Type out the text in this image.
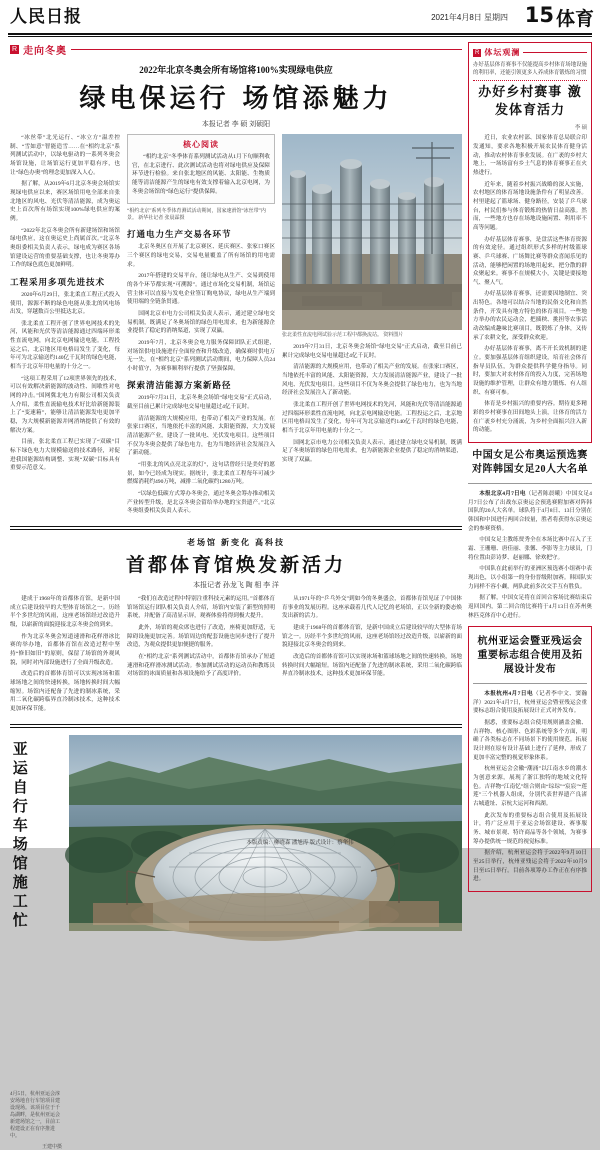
人民日报	2021年4月8日 星期四 15 体育
R 走向冬奥
2022年北京冬奥会所有场馆将100%实现绿电供应
绿电保运行 场馆添魅力
本报记者 李 硕 刘硕阳

“冰丝带”北光运行、“冰立方”温差控制、“雪如意”智能造雪……在“相约北京”系列测试活动中，以绿电驱动的一系列冬奥会场馆设施，让场馆运行更加平稳有序，也让“绿色办奥”的理念更加深入人心。

据了解，从2019年6月北京冬奥会场馆实现绿电供应以来，赛区场馆用电全部来自张北地区的风电、光伏等清洁能源，成为奥运史上首次所有场馆实现100%绿电供应的案例。

“2022年北京冬奥会所有新建场馆和场馆绿电供应，这在奥运史上尚属首次。”北京冬奥组委相关负责人表示，绿电成为赛区各场馆建设运营的重要基础支撑，也让冬奥筹办工作的绿色底色更加鲜明。

工程采用多项先进技术

2020年6月29日，张北柔直工程正式投入使用，源源不断的绿色电能从张北的风电场出发，穿越数百公里抵达北京。

张北柔直工程开创了世界电网技术的先河，风能和光伏等清洁能源通过四端环形柔性直流电网，向北京电网输送电能。工程投运之后，北京地区用电格局发生了变化，每年可为北京输送约140亿千瓦时的绿色电能，相当于北京年用电量的十分之一。

“这项工程采用了12项世界领先的技术，可以有效解决新能源的波动性、间歇性对电网的冲击。”国网冀北电力有限公司相关负责人介绍，柔性直流输电技术好比给新能源装上了“变速箱”，能够让清洁能源发电更加平稳，为大规模新能源并网消纳提供了有效的解决方案。

目前，张北柔直工程已实现了“双碳”目标下绿色电力大规模输送的技术路径，对促进我国能源结构调整、实现“双碳”目标具有重要示范意义。

核心阅读

“相约北京”冬季体育系列测试活动从1月下旬顺利收官，在北京进行、此次测试活动也将对绿电供应及保障环节进行检验。来自张北地区的风能、太阳能、生物质能等清洁能源产生的绿电有效支撑着输入北京电网，为冬奥会场馆的“绿色运行”提供保障。

“相约北京”系列冬季体育测试活动期间，国家速滑馆“冰丝带”内景。 新华社记者 张晨霖摄
打通电力生产交易各环节

北京冬奥区在开展了北京赛区、延庆赛区、张家口赛区三个赛区的绿电交易，交易电量覆盖了所有场馆的用电需求。

2017年搭建的交易平台，能让绿电从生产、交易到使用的各个环节都实现“可溯源”。通过市场化交易机制，场馆运营主体可以直接与发电企业签订购电协议，绿电从生产端到使用端的全链条贯通。

国网北京市电力公司相关负责人表示，通过建立绿电交易机制，既满足了冬奥场馆的绿色用电需求，也为新能源企业提供了稳定的消纳渠道，实现了双赢。

2019年7月，北京冬奥会电力服务保障团队正式组建，对场馆供电设施进行全面检查和升级改造，确保赛时供电万无一失。在“相约北京”系列测试活动期间，电力保障人员24小时值守，为赛事顺利举行提供了坚强保障。

探索清洁能源方案新路径

2019年7月31日，北京冬奥会场馆“绿电交易”正式启动，截至目前已累计完成绿电交易电量超过4亿千瓦时。

清洁能源的大规模应用，也带动了相关产业的发展。在张家口赛区，当地依托丰富的风能、太阳能资源，大力发展清洁能源产业，建设了一批风电、光伏发电项目。这些项目不仅为冬奥会提供了绿色电力，也为当地经济社会发展注入了新动能。

“用张北的风点亮北京的灯”，这句话曾经只是美好的愿景，如今已经成为现实。据统计，张北柔直工程每年可减少燃煤消耗约490万吨，减排二氧化碳约1280万吨。

“以绿色低碳方式筹办冬奥会，通过冬奥会筹办推动相关产业转型升级，是北京冬奥会留给举办地的宝贵遗产。”北京冬奥组委相关负责人表示。

张北柔性直流电网试验示范工程中都换流站。 资料图片

2019年7月31日，北京冬奥会场馆“绿电交易”正式启动，截至目前已累计完成绿电交易电量超过4亿千瓦时。

清洁能源的大规模应用，也带动了相关产业的发展。在张家口赛区，当地依托丰富的风能、太阳能资源，大力发展清洁能源产业，建设了一批风电、光伏发电项目。这些项目不仅为冬奥会提供了绿色电力，也为当地经济社会发展注入了新动能。

张北柔直工程开创了世界电网技术的先河，风能和光伏等清洁能源通过四端环形柔性直流电网，向北京电网输送电能。工程投运之后，北京地区用电格局发生了变化，每年可为北京输送约140亿千瓦时的绿色电能，相当于北京年用电量的十分之一。

国网北京市电力公司相关负责人表示，通过建立绿电交易机制，既满足了冬奥场馆的绿色用电需求，也为新能源企业提供了稳定的消纳渠道，实现了双赢。

老场馆 新变化 高科技
首都体育馆焕发新活力
本报记者 孙龙飞 陶 相 李 洋

建成于1968年的首都体育馆，是新中国成立后建设较早的大型体育场馆之一。历经半个多世纪的风雨，这座老场馆经过改造升级，以崭新的面貌迎接北京冬奥会的到来。

作为北京冬奥会短道速滑和花样滑冰比赛的举办地，首都体育馆在改造过程中坚持“修旧如旧”的原则，保留了场馆的外观风貌，同时对内部设施进行了全面升级改造。

改造后的首都体育馆可以实现冰场和篮球场地之间的快速转换，场地转换时间大幅缩短。场馆内还配备了先进的制冰系统，采用二氧化碳跨临界直冷制冰技术，这种技术更加环保节能。

“我们在改造过程中特别注重科技元素的运用。”首都体育馆场馆运行团队相关负责人介绍，场馆内安装了新型的照明系统，并配备了高清显示屏，观赛体验将得到极大提升。

此外，场馆的观众席也进行了改造，座椅更加舒适，无障碍设施更加完善。场馆周边的配套设施也同步进行了提升改造，为观众提供更加便捷的服务。

在“相约北京”系列测试活动中，首都体育馆承办了短道速滑和花样滑冰测试活动。参加测试活动的运动员和教练员对场馆的冰面质量和各项设施给予了高度评价。

从1971年的“乒乓外交”到如今的冬奥盛会，首都体育馆见证了中国体育事业的发展历程。这座承载着几代人记忆的老场馆，正以全新的姿态焕发出新的活力。

建成于1968年的首都体育馆，是新中国成立后建设较早的大型体育场馆之一。历经半个多世纪的风雨，这座老场馆经过改造升级，以崭新的面貌迎接北京冬奥会的到来。

改造后的首都体育馆可以实现冰场和篮球场地之间的快速转换，场地转换时间大幅缩短。场馆内还配备了先进的制冰系统，采用二氧化碳跨临界直冷制冰技术，这种技术更加环保节能。

亚运自行车场馆施工忙
4月5日，杭州亚运会淳安场地自行车馆项目建设现场。该项目位于千岛湖畔，是杭州亚运会新建场馆之一，目前工程建设正在有序推进中。
王建中摄
R 体坛观澜
办好基层体育赛事不仅能提高乡村体育场地设施的利用率，还能引领更多人养成体育锻炼的习惯
办好乡村赛事 激发体育活力
李 硕

近日，农业农村部、国家体育总局联合印发通知，要求各地积极开展农民体育健身活动，推动农村体育事业发展。在广袤的乡村大地上，一场场富有乡土气息的体育赛事正在火热进行。

近年来，随着乡村振兴战略的深入实施，农村地区的体育场地设施条件有了明显改善。村里建起了篮球场、健身路径，安装了乒乓球台，村民们参与体育锻炼的热情日益高涨。然而，一些地方也存在场地设施闲置、利用率不高等问题。

办好基层体育赛事，是盘活这些体育资源的有效途径。通过组织形式多样的村级篮球赛、乒乓球赛、广场舞比赛等群众喜闻乐见的活动，能够把闲置的场地用起来，把分散的群众聚起来。赛事不在规模大小，关键是要接地气、聚人气。

办好基层体育赛事，还需要因地制宜、突出特色。各地可以结合当地的民俗文化和自然条件，开发具有地方特色的体育项目。一些地方举办的农民运动会，把插秧、挑担等农事活动改编成趣味比赛项目，既锻炼了身体，又传承了农耕文化，深受群众欢迎。

办好基层体育赛事，离不开长效机制的建立。要加强基层体育组织建设，培育社会体育指导员队伍，为群众提供科学健身指导。同时，要加大对农村体育的投入力度，完善场地设施的维护管理，让群众有地方锻炼、有人组织、有赛可参。

体育是乡村振兴的重要内容。期待更多精彩的乡村赛事在田间地头上演，让体育的活力在广袤乡村充分涌流，为乡村全面振兴注入新的动能。

中国女足公布奥运预选赛对阵韩国女足20人大名单

本报北京4月7日电（记者陈晨曦）中国女足4月7日公布了出战东京奥运会预选赛附加赛对阵韩国队的20人大名单。球队将于4月8日、13日分别在韩国和中国进行两回合较量，胜者将获得东京奥运会的参赛资格。

中国女足主教练贾秀全在本场比赛中召入了王霜、王珊珊、唐佳丽、张馨、李影等主力球员，门将位置由彭诗梦、赵丽娜、徐欢把守。

中国队在此前举行的亚洲区预选赛小组赛中表现出色，以小组第一的身份晋级附加赛。韩国队实力同样不容小觑，两队此前多次交手互有胜负。

据了解，中国女足将在首回合客场比赛结束后返回国内，第二回合的比赛将于4月13日在苏州奥林匹克体育中心进行。

杭州亚运会暨亚残运会重要标志组合使用及拓展设计发布

本报杭州4月7日电（记者李中文、窦瀚洋）2021年4月7日，杭州亚运会暨亚残运会重要标志组合使用及拓展设计正式对外发布。

据悉，重要标志组合使用规则涵盖会徽、吉祥物、核心图形、色彩系统等多个方面，明确了各类标志在不同场景下的使用规范。拓展设计则在原有设计基础上进行了延伸，形成了更加丰富完整的视觉形象体系。

杭州亚运会会徽“潮涌”以江南水乡的潮水为创意来源，展现了浙江独特的地域文化特色。吉祥物“江南忆”组合则由“琮琮”“宸宸”“莲莲”三个机器人组成，分别代表世界遗产良渚古城遗址、京杭大运河和西湖。

此次发布的重要标志组合使用及拓展设计，将广泛应用于亚运会场馆建设、赛事服务、城市景观、特许商品等各个领域，为赛事筹办提供统一规范的视觉标准。

据介绍，杭州亚运会将于2022年9月10日至25日举行，杭州亚残运会将于2022年10月9日至15日举行。目前各项筹办工作正在有序推进。

本版责编：柳晓森 潘旭涛 版式设计：蔡华伟
